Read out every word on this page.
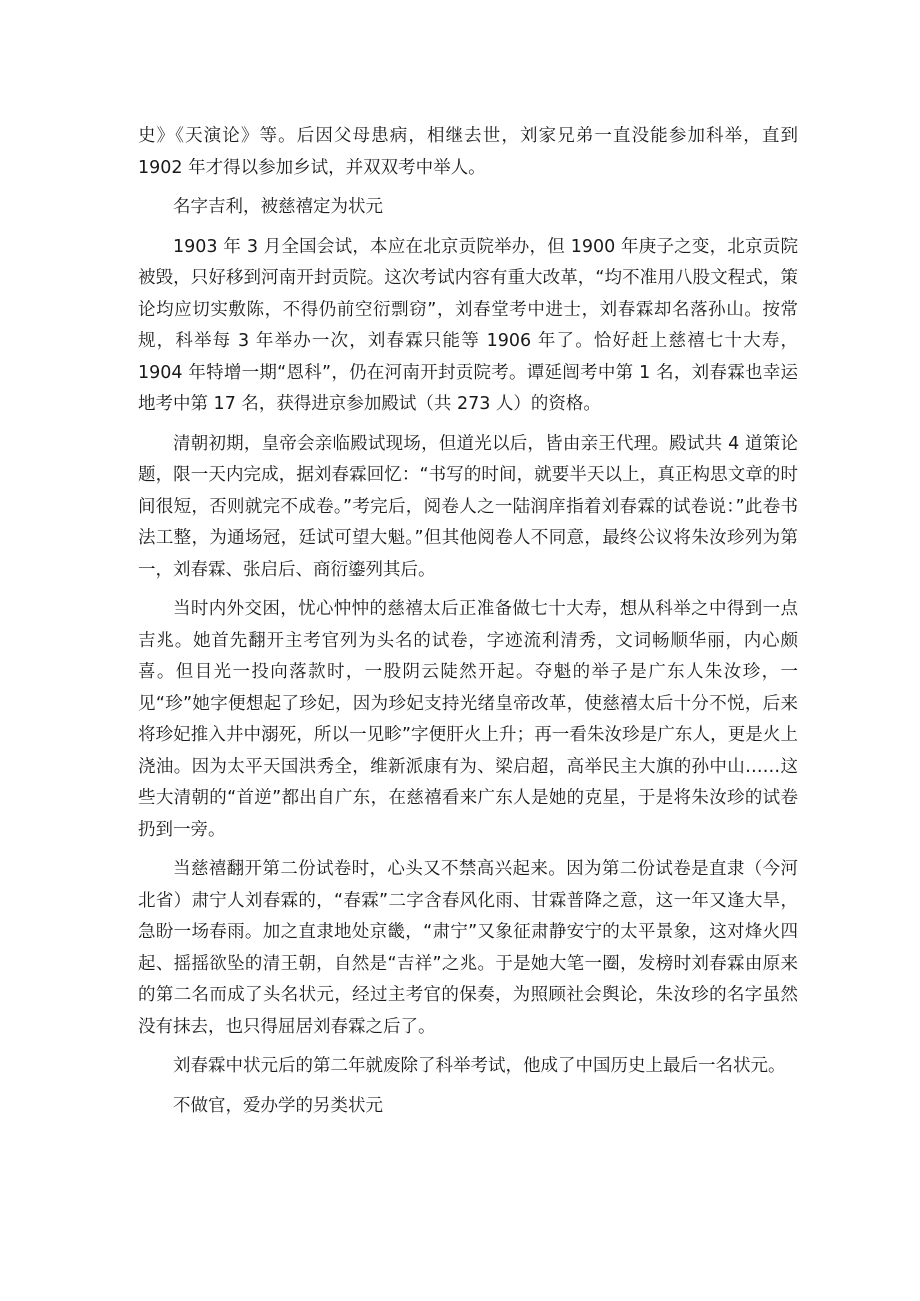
史》《天演论》等。后因父母患病，相继去世，刘家兄弟一直没能参加科举，直到 1902 年才得以参加乡试，并双双考中举人。

名字吉利，被慈禧定为状元

1903 年 3 月全国会试，本应在北京贡院举办，但 1900 年庚子之变，北京贡院被毁，只好移到河南开封贡院。这次考试内容有重大改革，“均不准用八股文程式，策论均应切实敷陈，不得仍前空衍剽窃”，刘春堂考中进士，刘春霖却名落孙山。按常规，科举每 3 年举办一次，刘春霖只能等 1906 年了。恰好赶上慈禧七十大寿，1904 年特增一期“恩科”，仍在河南开封贡院考。谭延闿考中第 1 名，刘春霖也幸运地考中第 17 名，获得进京参加殿试（共 273 人）的资格。

清朝初期，皇帝会亲临殿试现场，但道光以后，皆由亲王代理。殿试共 4 道策论题，限一天内完成，据刘春霖回忆：“书写的时间，就要半天以上，真正构思文章的时间很短，否则就完不成卷。”考完后，阅卷人之一陆润庠指着刘春霖的试卷说：”此卷书法工整，为通场冠，廷试可望大魁。”但其他阅卷人不同意，最终公议将朱汝珍列为第一，刘春霖、张启后、商衍鎏列其后。

当时内外交困，忧心忡忡的慈禧太后正准备做七十大寿，想从科举之中得到一点吉兆。她首先翻开主考官列为头名的试卷，字迹流利清秀，文词畅顺华丽，内心颇喜。但目光一投向落款时，一股阴云陡然开起。夺魁的举子是广东人朱汝珍，一见“珍”她字便想起了珍妃，因为珍妃支持光绪皇帝改革，使慈禧太后十分不悦，后来将珍妃推入井中溺死，所以一见畛”字便肝火上升；再一看朱汝珍是广东人，更是火上浇油。因为太平天国洪秀全，维新派康有为、梁启超，高举民主大旗的孙中山……这些大清朝的“首逆”都出自广东，在慈禧看来广东人是她的克星，于是将朱汝珍的试卷扔到一旁。

当慈禧翻开第二份试卷时，心头又不禁高兴起来。因为第二份试卷是直隶（今河北省）肃宁人刘春霖的，“春霖”二字含春风化雨、甘霖普降之意，这一年又逢大旱，急盼一场春雨。加之直隶地处京畿，“肃宁”又象征肃静安宁的太平景象，这对烽火四起、摇摇欲坠的清王朝，自然是“吉祥”之兆。于是她大笔一圈，发榜时刘春霖由原来的第二名而成了头名状元，经过主考官的保奏，为照顾社会舆论，朱汝珍的名字虽然没有抹去，也只得屈居刘春霖之后了。

刘春霖中状元后的第二年就废除了科举考试，他成了中国历史上最后一名状元。

不做官，爱办学的另类状元
